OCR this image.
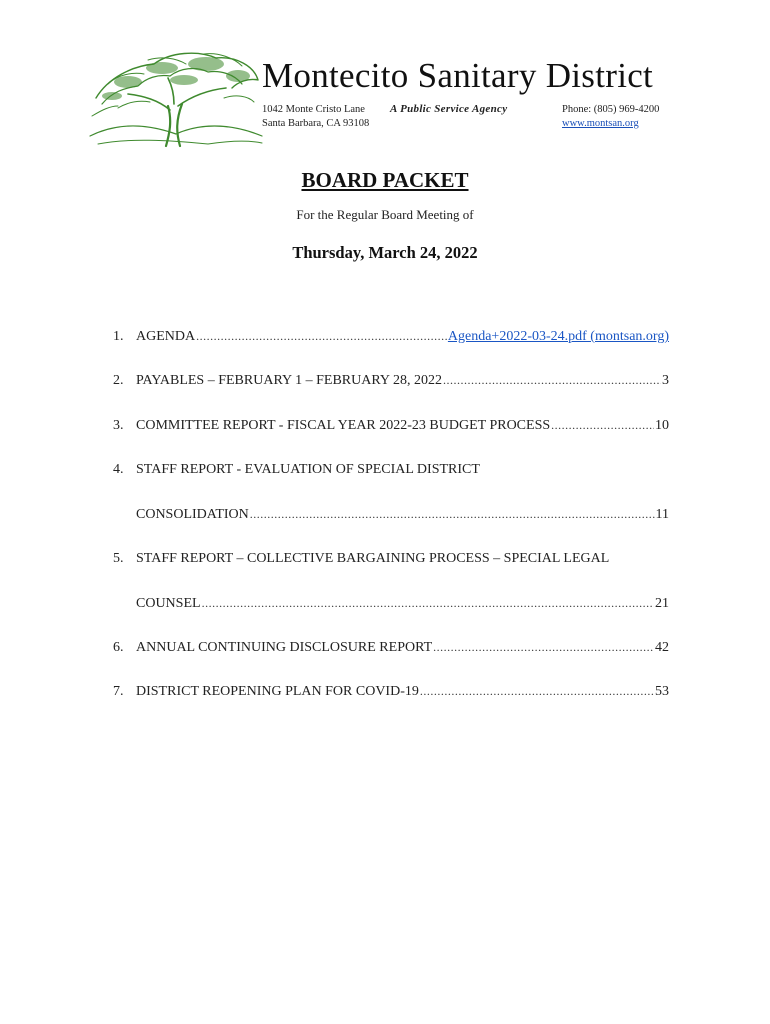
Montecito Sanitary District
1042 Monte Cristo Lane
Santa Barbara, CA 93108
A Public Service Agency	Phone: (805) 969-4200
www.montsan.org
BOARD PACKET
For the Regular Board Meeting of
Thursday, March 24, 2022
1. AGENDA .....	Agenda+2022-03-24.pdf (montsan.org)
2. PAYABLES – FEBRUARY 1 – FEBRUARY 28, 2022 .....	3
3. COMMITTEE REPORT - FISCAL YEAR 2022-23 BUDGET PROCESS .....	10
4. STAFF REPORT - EVALUATION OF SPECIAL DISTRICT
CONSOLIDATION .....	11
5. STAFF REPORT – COLLECTIVE BARGAINING PROCESS – SPECIAL LEGAL
COUNSEL .....	21
6. ANNUAL CONTINUING DISCLOSURE REPORT .....	42
7. DISTRICT REOPENING PLAN FOR COVID-19 .....	53
